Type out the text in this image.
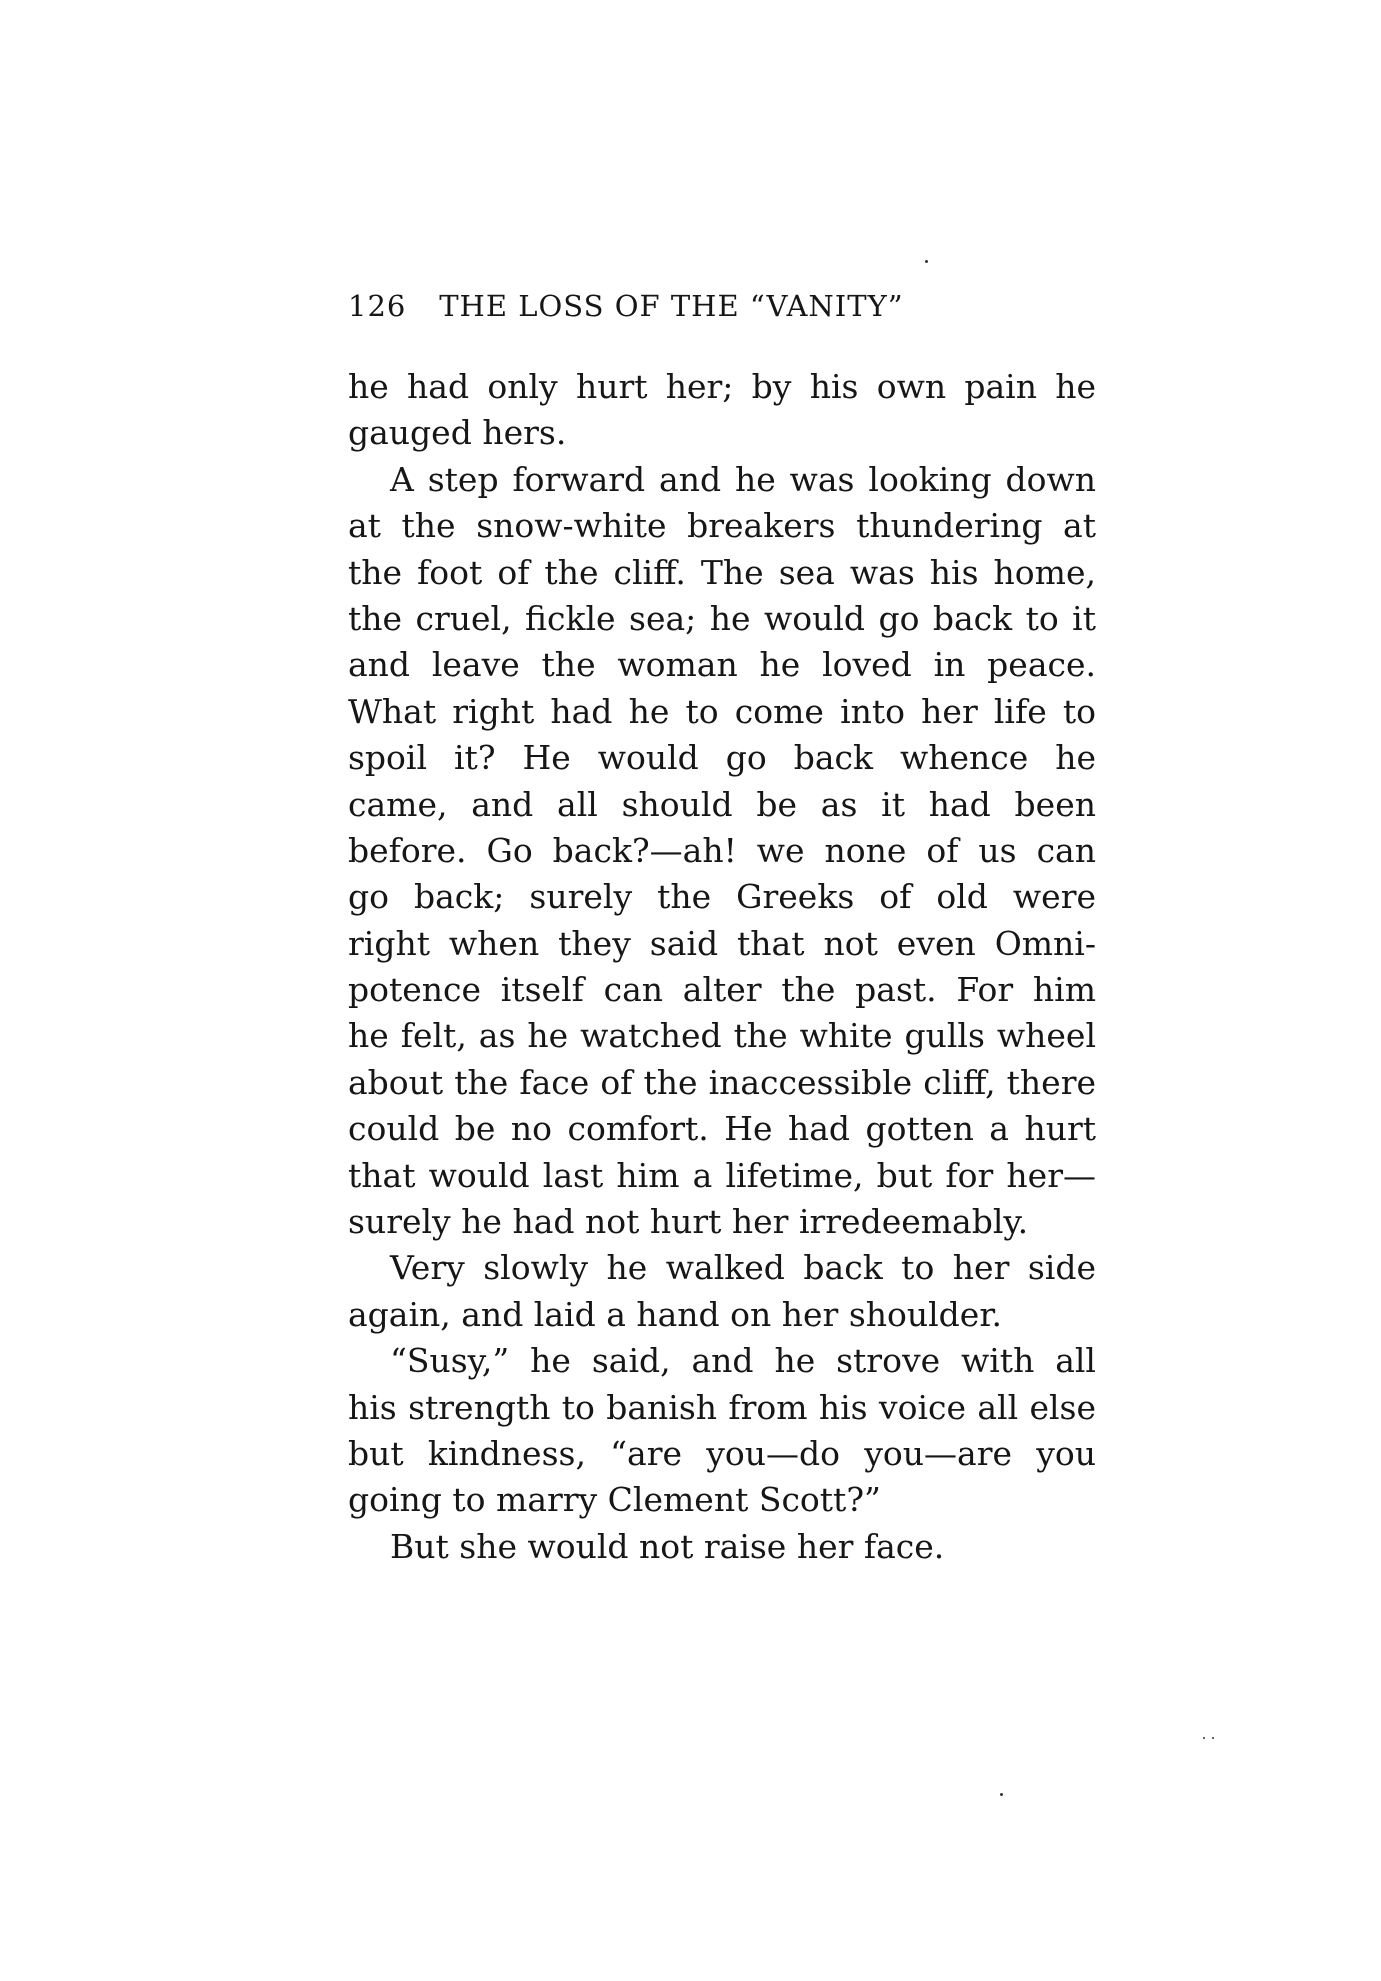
126 THE LOSS OF THE “VANITY”
he had only hurt her; by his own pain he
gauged hers.
A step forward and he was looking down
at the snow-white breakers thundering at
the foot of the cliff. The sea was his home,
the cruel, fickle sea; he would go back to it
and leave the woman he loved in peace.
What right had he to come into her life to
spoil it? He would go back whence he
came, and all should be as it had been
before. Go back?—ah! we none of us can
go back; surely the Greeks of old were
right when they said that not even Omni-
potence itself can alter the past. For him
he felt, as he watched the white gulls wheel
about the face of the inaccessible cliff, there
could be no comfort. He had gotten a hurt
that would last him a lifetime, but for her—
surely he had not hurt her irredeemably.
Very slowly he walked back to her side
again, and laid a hand on her shoulder.
“Susy,” he said, and he strove with all
his strength to banish from his voice all else
but kindness, “are you—do you—are you
going to marry Clement Scott?”
But she would not raise her face.
